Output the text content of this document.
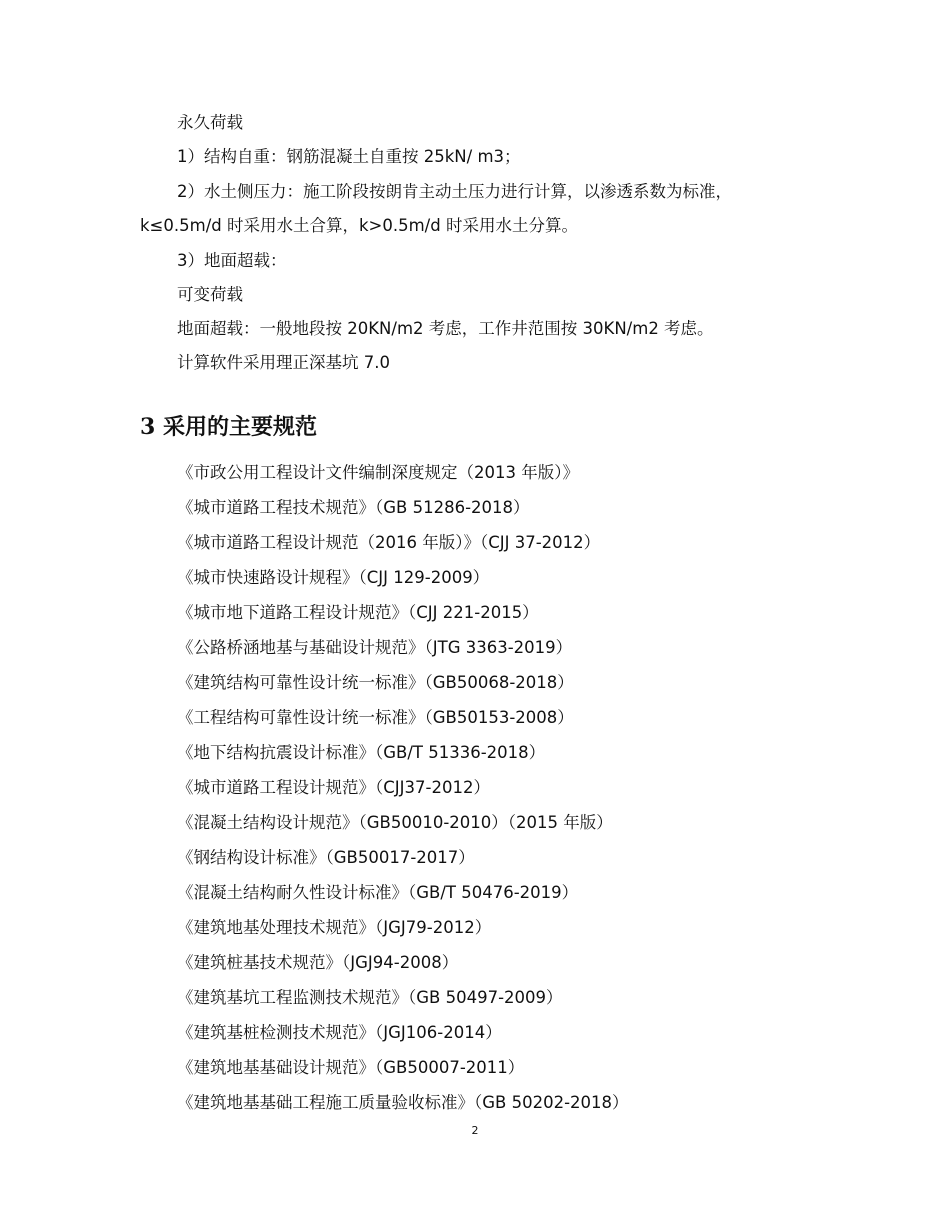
永久荷载
1）结构自重：钢筋混凝土自重按 25kN/ m3；
2）水土侧压力：施工阶段按朗肯主动土压力进行计算，以渗透系数为标准，
k≤0.5m/d 时采用水土合算，k>0.5m/d 时采用水土分算。
3）地面超载：
可变荷载
地面超载：一般地段按 20KN/m2 考虑，工作井范围按 30KN/m2 考虑。
计算软件采用理正深基坑 7.0
3 采用的主要规范
《市政公用工程设计文件编制深度规定（2013 年版）》
《城市道路工程技术规范》（GB 51286-2018）
《城市道路工程设计规范（2016 年版）》（CJJ 37-2012）
《城市快速路设计规程》（CJJ 129-2009）
《城市地下道路工程设计规范》（CJJ 221-2015）
《公路桥涵地基与基础设计规范》（JTG 3363-2019）
《建筑结构可靠性设计统一标准》（GB50068-2018）
《工程结构可靠性设计统一标准》（GB50153-2008）
《地下结构抗震设计标准》（GB/T 51336-2018）
《城市道路工程设计规范》（CJJ37-2012）
《混凝土结构设计规范》（GB50010-2010）（2015 年版）
《钢结构设计标准》（GB50017-2017）
《混凝土结构耐久性设计标准》（GB/T 50476-2019）
《建筑地基处理技术规范》（JGJ79-2012）
《建筑桩基技术规范》（JGJ94-2008）
《建筑基坑工程监测技术规范》（GB 50497-2009）
《建筑基桩检测技术规范》（JGJ106-2014）
《建筑地基基础设计规范》（GB50007-2011）
《建筑地基基础工程施工质量验收标准》（GB 50202-2018）
2
